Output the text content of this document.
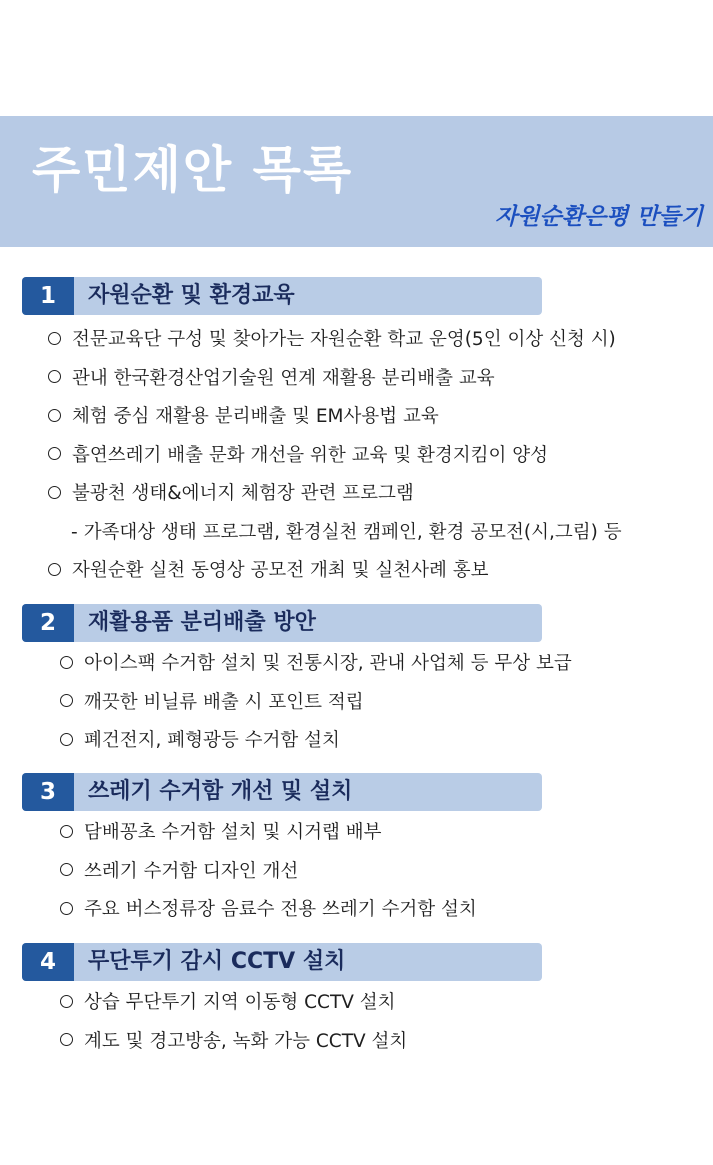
주민제안 목록
자원순환은평 만들기
1	자원순환 및 환경교육
전문교육단 구성 및 찾아가는 자원순환 학교 운영(5인 이상 신청 시)
관내 한국환경산업기술원 연계 재활용 분리배출 교육
체험 중심 재활용 분리배출 및 EM사용법 교육
흡연쓰레기 배출 문화 개선을 위한 교육 및 환경지킴이 양성
불광천 생태&에너지 체험장 관련 프로그램
- 가족대상 생태 프로그램, 환경실천 캠페인, 환경 공모전(시,그림) 등
자원순환 실천 동영상 공모전 개최 및 실천사례 홍보
2	재활용품 분리배출 방안
아이스팩 수거함 설치 및 전통시장, 관내 사업체 등 무상 보급
깨끗한 비닐류 배출 시 포인트 적립
폐건전지, 폐형광등 수거함 설치
3	쓰레기 수거함 개선 및 설치
담배꽁초 수거함 설치 및 시거랩 배부
쓰레기 수거함 디자인 개선
주요 버스정류장 음료수 전용 쓰레기 수거함 설치
4	무단투기 감시 CCTV 설치
상습 무단투기 지역 이동형 CCTV 설치
계도 및 경고방송, 녹화 가능 CCTV 설치
